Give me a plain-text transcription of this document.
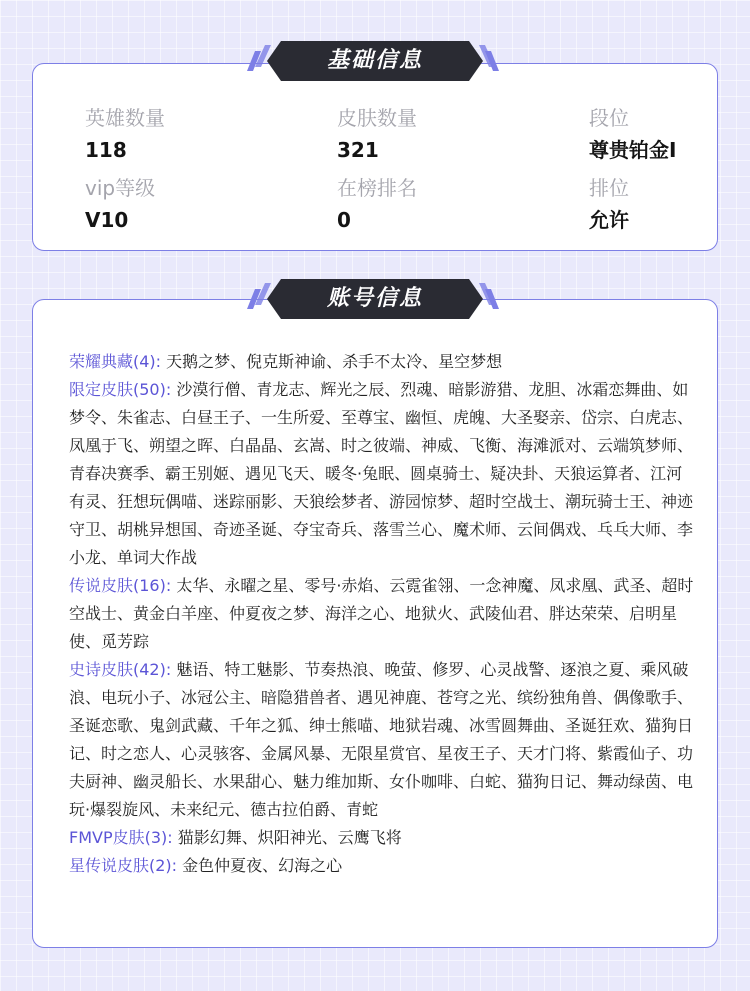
英雄数量
118
皮肤数量
321
段位
尊贵铂金I
vip等级
V10
在榜排名
0
排位
允许
基础信息
荣耀典藏(4): 天鹅之梦、倪克斯神谕、杀手不太冷、星空梦想
限定皮肤(50): 沙漠行僧、青龙志、辉光之辰、烈魂、暗影游猎、龙胆、冰霜恋舞曲、如梦令、朱雀志、白昼王子、一生所爱、至尊宝、幽恒、虎魄、大圣娶亲、岱宗、白虎志、凤凰于飞、朔望之晖、白晶晶、玄嵩、时之彼端、神威、飞衡、海滩派对、云端筑梦师、青春决赛季、霸王别姬、遇见飞天、暖冬·兔眠、圆桌骑士、疑决卦、天狼运算者、江河有灵、狂想玩偶喵、迷踪丽影、天狼绘梦者、游园惊梦、超时空战士、潮玩骑士王、神迹守卫、胡桃异想国、奇迹圣诞、夺宝奇兵、落雪兰心、魔术师、云间偶戏、乓乓大师、李小龙、单词大作战
传说皮肤(16): 太华、永曜之星、零号·赤焰、云霓雀翎、一念神魔、凤求凰、武圣、超时空战士、黄金白羊座、仲夏夜之梦、海洋之心、地狱火、武陵仙君、胖达荣荣、启明星使、觅芳踪
史诗皮肤(42): 魅语、特工魅影、节奏热浪、晚萤、修罗、心灵战警、逐浪之夏、乘风破浪、电玩小子、冰冠公主、暗隐猎兽者、遇见神鹿、苍穹之光、缤纷独角兽、偶像歌手、圣诞恋歌、鬼剑武藏、千年之狐、绅士熊喵、地狱岩魂、冰雪圆舞曲、圣诞狂欢、猫狗日记、时之恋人、心灵骇客、金属风暴、无限星赏官、星夜王子、天才门将、紫霞仙子、功夫厨神、幽灵船长、水果甜心、魅力维加斯、女仆咖啡、白蛇、猫狗日记、舞动绿茵、电玩·爆裂旋风、未来纪元、德古拉伯爵、青蛇
FMVP皮肤(3): 猫影幻舞、炽阳神光、云鹰飞将
星传说皮肤(2): 金色仲夏夜、幻海之心
账号信息
